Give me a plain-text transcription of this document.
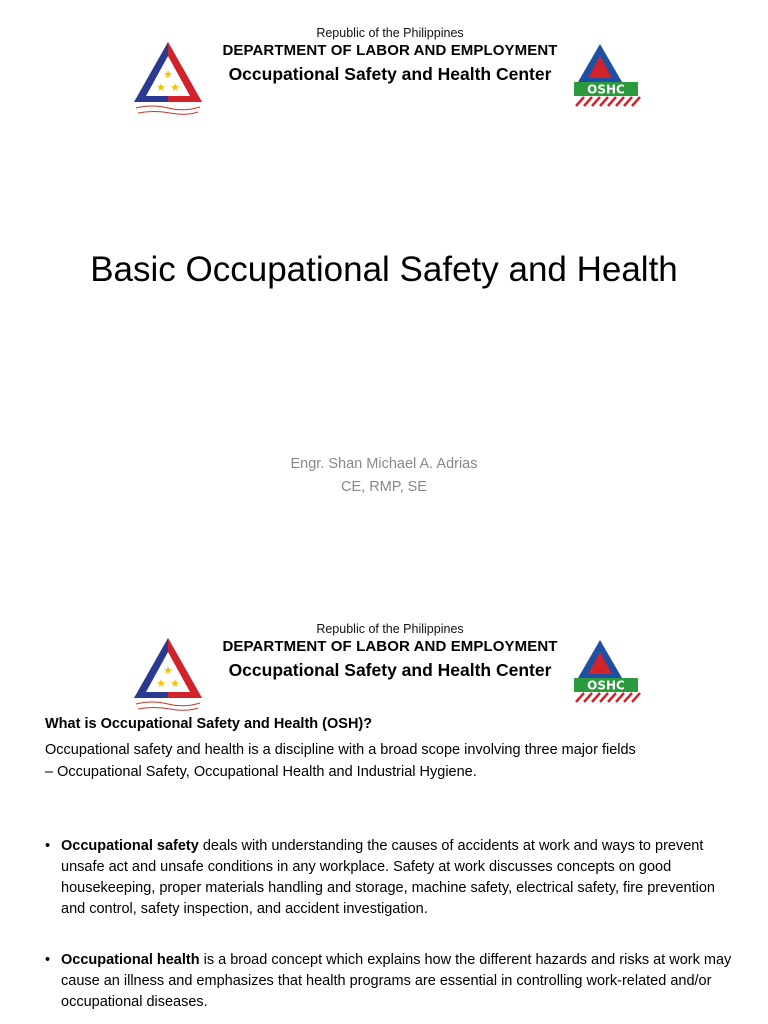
★
★ ★
Republic of the Philippines
DEPARTMENT OF LABOR AND EMPLOYMENT
Occupational Safety and Health Center
OSHC
Basic Occupational Safety and Health
Engr. Shan Michael A. Adrias
CE, RMP, SE
★
★ ★
Republic of the Philippines
DEPARTMENT OF LABOR AND EMPLOYMENT
Occupational Safety and Health Center
OSHC
What is Occupational Safety and Health (OSH)?
Occupational safety and health is a discipline with a broad scope involving three major fields
– Occupational Safety, Occupational Health and Industrial Hygiene.
• Occupational safety deals with understanding the causes of accidents at work and ways to prevent unsafe act and unsafe conditions in any workplace. Safety at work discusses concepts on good housekeeping, proper materials handling and storage, machine safety, electrical safety, fire prevention and control, safety inspection, and accident investigation.
• Occupational health is a broad concept which explains how the different hazards and risks at work may cause an illness and emphasizes that health programs are essential in controlling work-related and/or occupational diseases.
